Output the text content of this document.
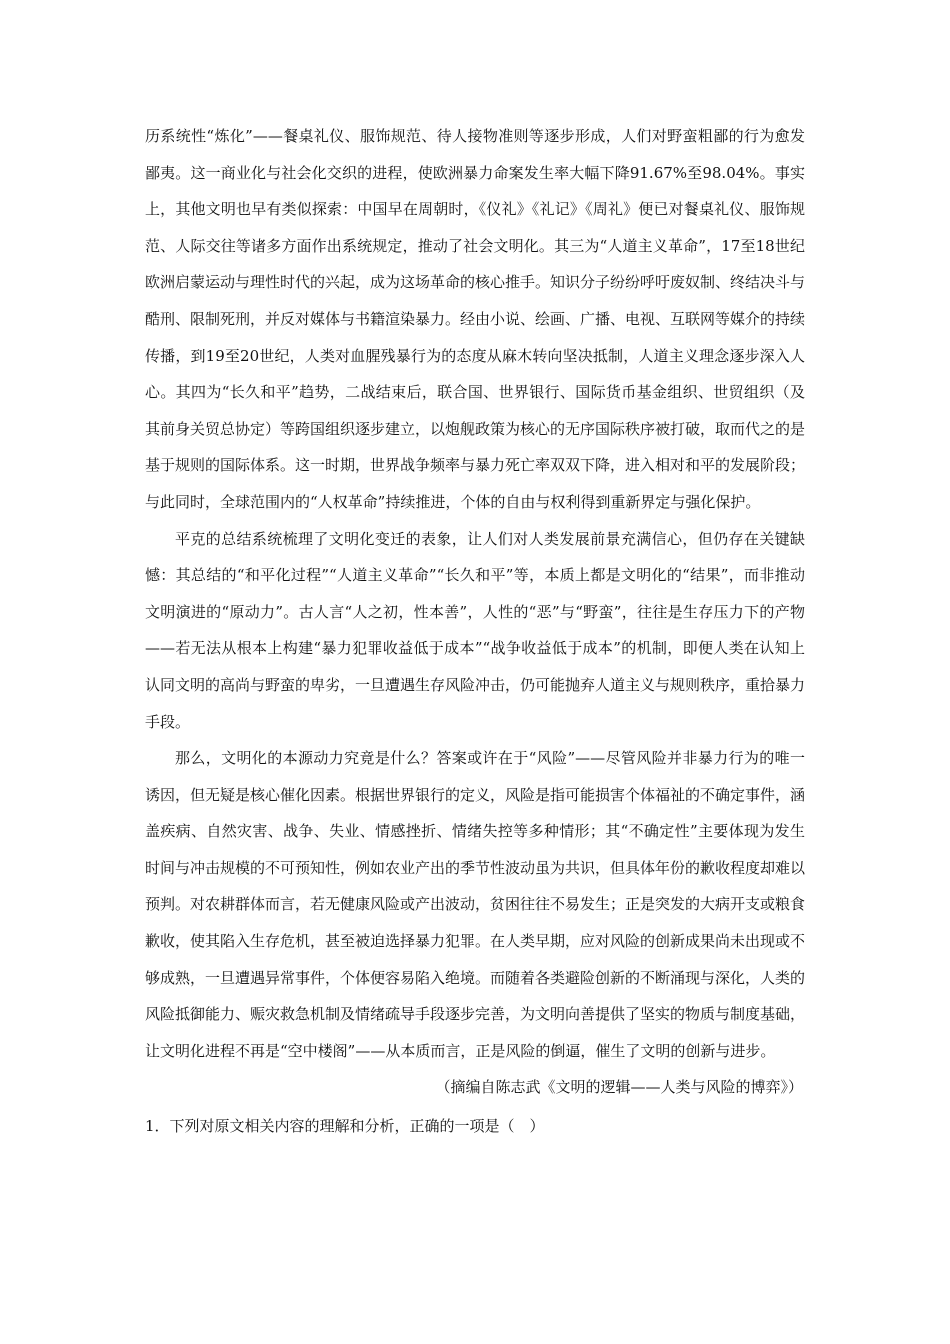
历系统性“炼化”——餐桌礼仪、服饰规范、待人接物准则等逐步形成，人们对野蛮粗鄙的行为愈发鄙夷。这一商业化与社会化交织的进程，使欧洲暴力命案发生率大幅下降91.67%至98.04%。事实上，其他文明也早有类似探索：中国早在周朝时，《仪礼》《礼记》《周礼》便已对餐桌礼仪、服饰规范、人际交往等诸多方面作出系统规定，推动了社会文明化。其三为“人道主义革命”，17至18世纪欧洲启蒙运动与理性时代的兴起，成为这场革命的核心推手。知识分子纷纷呼吁废奴制、终结决斗与酷刑、限制死刑，并反对媒体与书籍渲染暴力。经由小说、绘画、广播、电视、互联网等媒介的持续传播，到19至20世纪，人类对血腥残暴行为的态度从麻木转向坚决抵制，人道主义理念逐步深入人心。其四为“长久和平”趋势，二战结束后，联合国、世界银行、国际货币基金组织、世贸组织（及其前身关贸总协定）等跨国组织逐步建立，以炮舰政策为核心的无序国际秩序被打破，取而代之的是基于规则的国际体系。这一时期，世界战争频率与暴力死亡率双双下降，进入相对和平的发展阶段；与此同时，全球范围内的“人权革命”持续推进，个体的自由与权利得到重新界定与强化保护。

平克的总结系统梳理了文明化变迁的表象，让人们对人类发展前景充满信心，但仍存在关键缺憾：其总结的“和平化过程”“人道主义革命”“长久和平”等，本质上都是文明化的“结果”，而非推动文明演进的“原动力”。古人言“人之初，性本善”，人性的“恶”与“野蛮”，往往是生存压力下的产物——若无法从根本上构建“暴力犯罪收益低于成本”“战争收益低于成本”的机制，即便人类在认知上认同文明的高尚与野蛮的卑劣，一旦遭遇生存风险冲击，仍可能抛弃人道主义与规则秩序，重拾暴力手段。

那么，文明化的本源动力究竟是什么？答案或许在于“风险”——尽管风险并非暴力行为的唯一诱因，但无疑是核心催化因素。根据世界银行的定义，风险是指可能损害个体福祉的不确定事件，涵盖疾病、自然灾害、战争、失业、情感挫折、情绪失控等多种情形；其“不确定性”主要体现为发生时间与冲击规模的不可预知性，例如农业产出的季节性波动虽为共识，但具体年份的歉收程度却难以预判。对农耕群体而言，若无健康风险或产出波动，贫困往往不易发生；正是突发的大病开支或粮食歉收，使其陷入生存危机，甚至被迫选择暴力犯罪。在人类早期，应对风险的创新成果尚未出现或不够成熟，一旦遭遇异常事件，个体便容易陷入绝境。而随着各类避险创新的不断涌现与深化，人类的风险抵御能力、赈灾救急机制及情绪疏导手段逐步完善，为文明向善提供了坚实的物质与制度基础，让文明化进程不再是“空中楼阁”——从本质而言，正是风险的倒逼，催生了文明的创新与进步。

（摘编自陈志武《文明的逻辑——人类与风险的博弈》）

1．下列对原文相关内容的理解和分析，正确的一项是（　）
